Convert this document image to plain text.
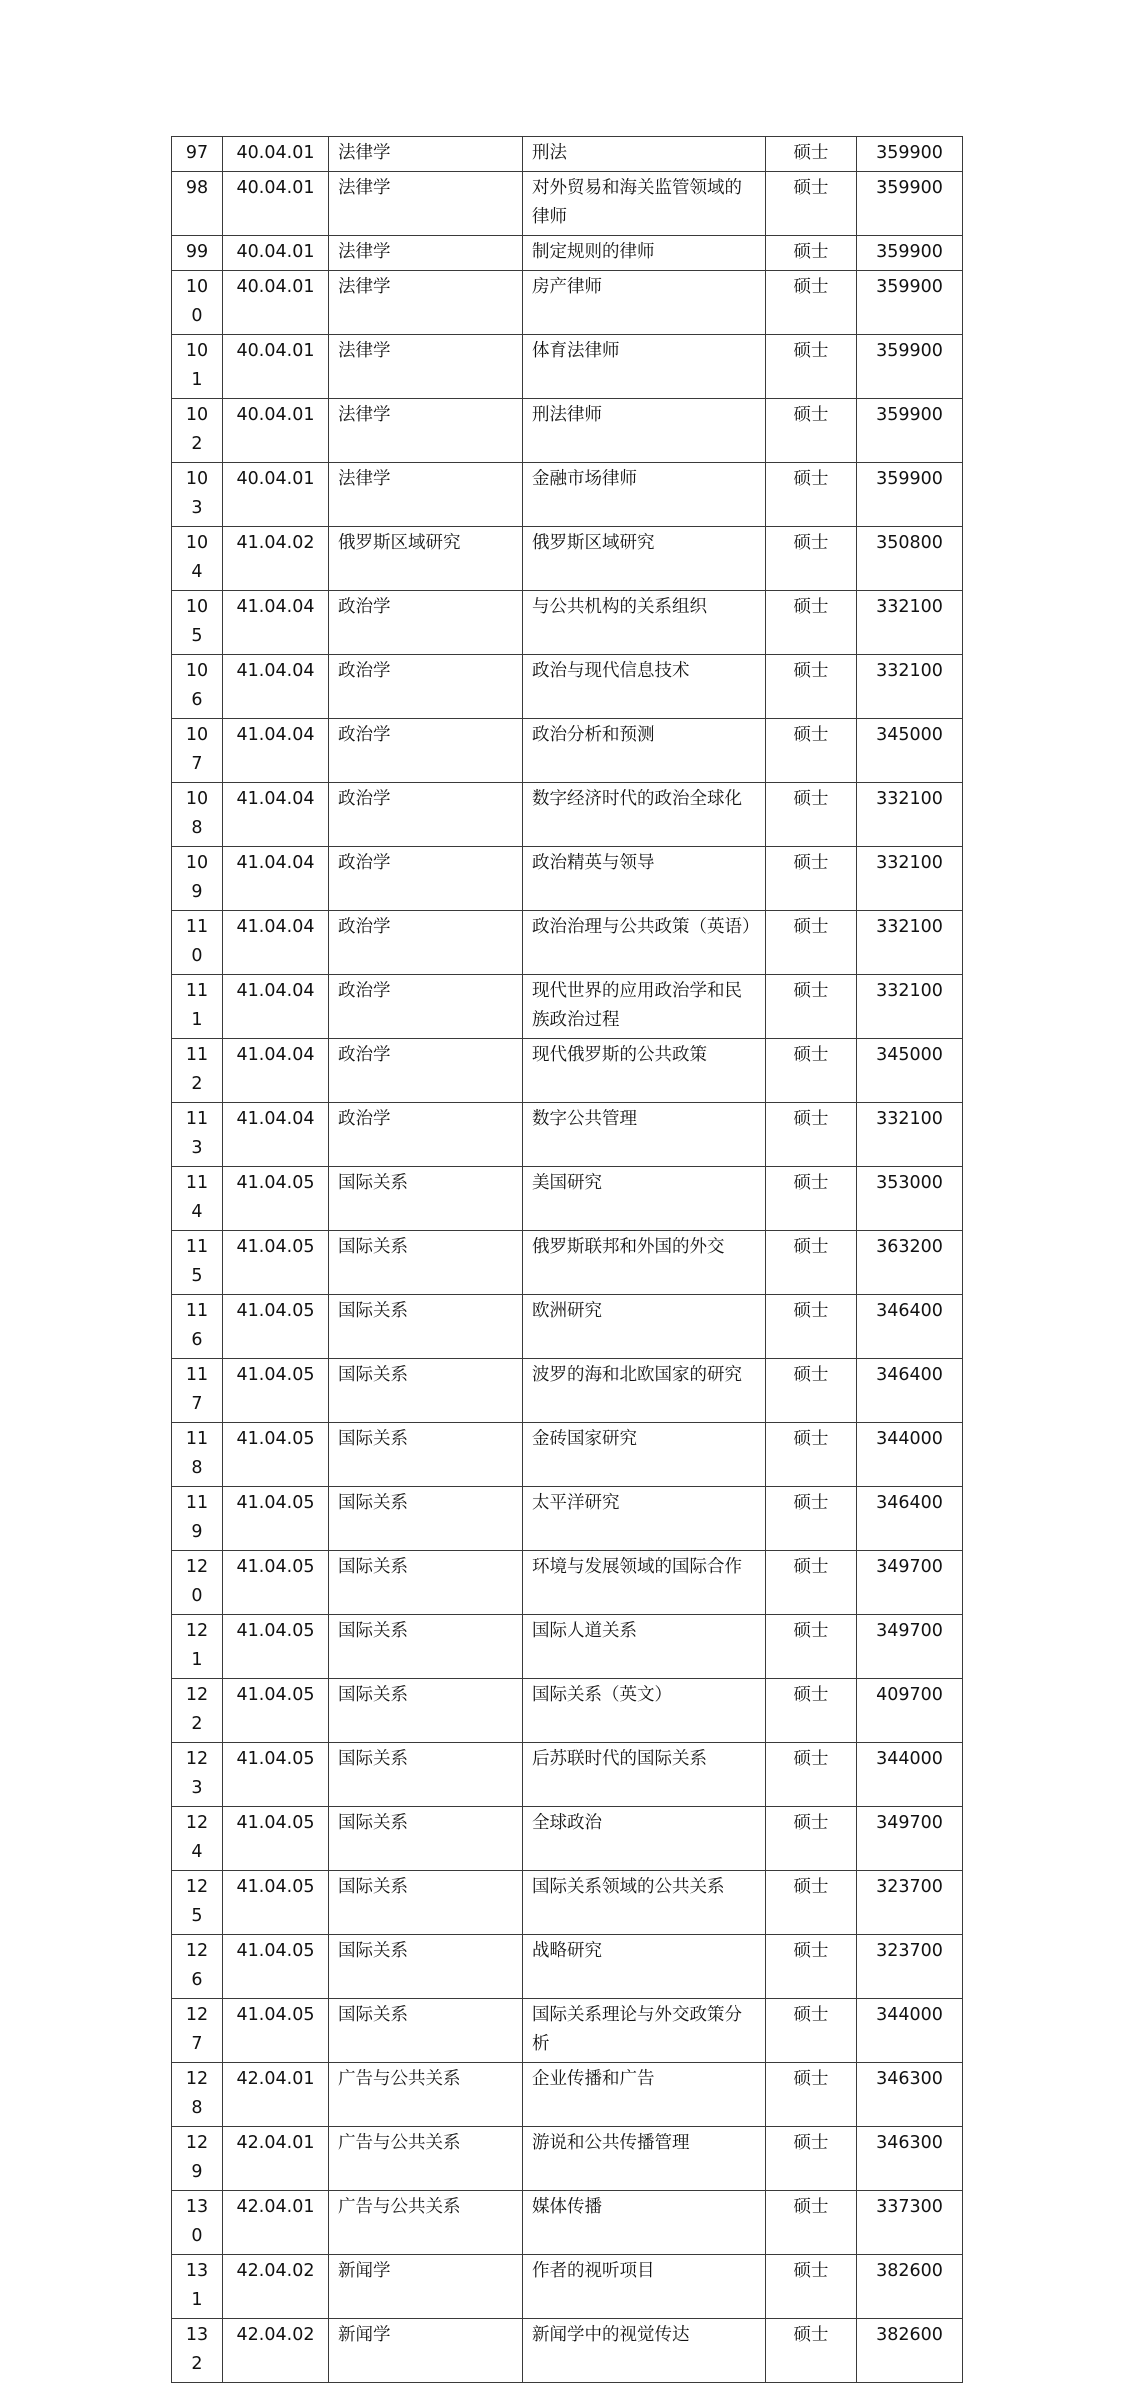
97	40.04.01	法律学	刑法	硕士	359900
98	40.04.01	法律学	对外贸易和海关监管领域的律师	硕士	359900
99	40.04.01	法律学	制定规则的律师	硕士	359900
100	40.04.01	法律学	房产律师	硕士	359900
101	40.04.01	法律学	体育法律师	硕士	359900
102	40.04.01	法律学	刑法律师	硕士	359900
103	40.04.01	法律学	金融市场律师	硕士	359900
104	41.04.02	俄罗斯区域研究	俄罗斯区域研究	硕士	350800
105	41.04.04	政治学	与公共机构的关系组织	硕士	332100
106	41.04.04	政治学	政治与现代信息技术	硕士	332100
107	41.04.04	政治学	政治分析和预测	硕士	345000
108	41.04.04	政治学	数字经济时代的政治全球化	硕士	332100
109	41.04.04	政治学	政治精英与领导	硕士	332100
110	41.04.04	政治学	政治治理与公共政策（英语）	硕士	332100
111	41.04.04	政治学	现代世界的应用政治学和民族政治过程	硕士	332100
112	41.04.04	政治学	现代俄罗斯的公共政策	硕士	345000
113	41.04.04	政治学	数字公共管理	硕士	332100
114	41.04.05	国际关系	美国研究	硕士	353000
115	41.04.05	国际关系	俄罗斯联邦和外国的外交	硕士	363200
116	41.04.05	国际关系	欧洲研究	硕士	346400
117	41.04.05	国际关系	波罗的海和北欧国家的研究	硕士	346400
118	41.04.05	国际关系	金砖国家研究	硕士	344000
119	41.04.05	国际关系	太平洋研究	硕士	346400
120	41.04.05	国际关系	环境与发展领域的国际合作	硕士	349700
121	41.04.05	国际关系	国际人道关系	硕士	349700
122	41.04.05	国际关系	国际关系（英文）	硕士	409700
123	41.04.05	国际关系	后苏联时代的国际关系	硕士	344000
124	41.04.05	国际关系	全球政治	硕士	349700
125	41.04.05	国际关系	国际关系领域的公共关系	硕士	323700
126	41.04.05	国际关系	战略研究	硕士	323700
127	41.04.05	国际关系	国际关系理论与外交政策分析	硕士	344000
128	42.04.01	广告与公共关系	企业传播和广告	硕士	346300
129	42.04.01	广告与公共关系	游说和公共传播管理	硕士	346300
130	42.04.01	广告与公共关系	媒体传播	硕士	337300
131	42.04.02	新闻学	作者的视听项目	硕士	382600
132	42.04.02	新闻学	新闻学中的视觉传达	硕士	382600
